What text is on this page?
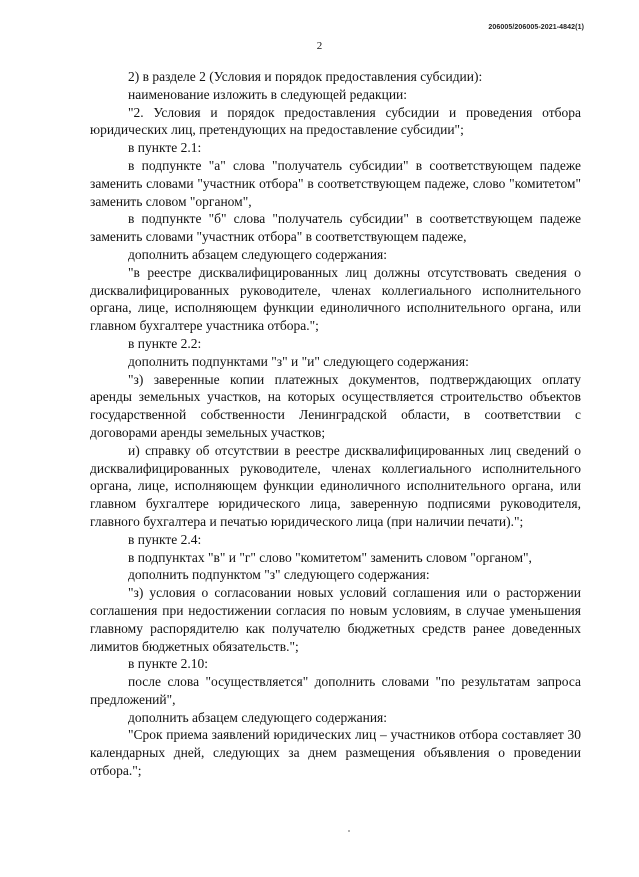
206005/206005-2021-4842(1)
2

2) в разделе 2 (Условия и порядок предоставления субсидии):

наименование изложить в следующей редакции:

"2. Условия и порядок предоставления субсидии и проведения отбора юридических лиц, претендующих на предоставление субсидии";

в пункте 2.1:

в подпункте "а" слова "получатель субсидии" в соответствующем падеже заменить словами "участник отбора" в соответствующем падеже, слово "комитетом" заменить словом "органом",

в подпункте "б" слова "получатель субсидии" в соответствующем падеже заменить словами "участник отбора" в соответствующем падеже,

дополнить абзацем следующего содержания:

"в реестре дисквалифицированных лиц должны отсутствовать сведения о дисквалифицированных руководителе, членах коллегиального исполнительного органа, лице, исполняющем функции единоличного исполнительного органа, или главном бухгалтере участника отбора.";

в пункте 2.2:

дополнить подпунктами "з" и "и" следующего содержания:

"з) заверенные копии платежных документов, подтверждающих оплату аренды земельных участков, на которых осуществляется строительство объектов государственной собственности Ленинградской области, в соответствии с договорами аренды земельных участков;

и) справку об отсутствии в реестре дисквалифицированных лиц сведений о дисквалифицированных руководителе, членах коллегиального исполнительного органа, лице, исполняющем функции единоличного исполнительного органа, или главном бухгалтере юридического лица, заверенную подписями руководителя, главного бухгалтера и печатью юридического лица (при наличии печати).";

в пункте 2.4:

в подпунктах "в" и "г" слово "комитетом" заменить словом "органом",

дополнить подпунктом "з" следующего содержания:

"з) условия о согласовании новых условий соглашения или о расторжении соглашения при недостижении согласия по новым условиям, в случае уменьшения главному распорядителю как получателю бюджетных средств ранее доведенных лимитов бюджетных обязательств.";

в пункте 2.10:

после слова "осуществляется" дополнить словами "по результатам запроса предложений",

дополнить абзацем следующего содержания:

"Срок приема заявлений юридических лиц – участников отбора составляет 30 календарных дней, следующих за днем размещения объявления о проведении отбора.";
